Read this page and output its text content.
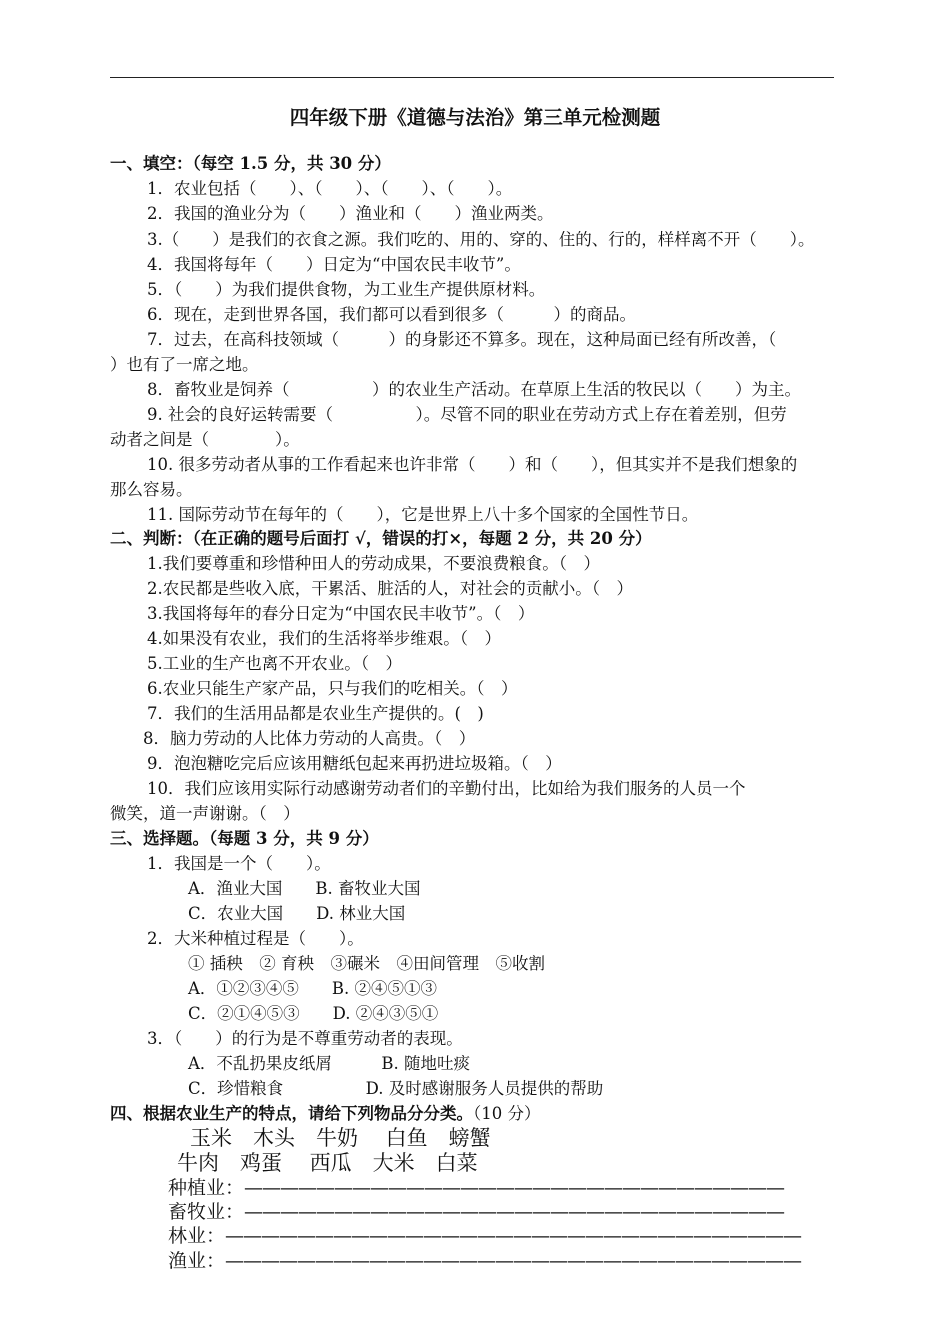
四年级下册《道德与法治》第三单元检测题
一、填空：（每空 1.5 分，共 30 分）
1．农业包括（　　）、（　　）、（　　）、（　　）。
2．我国的渔业分为（　　）渔业和（　　）渔业两类。
3.（　　）是我们的衣食之源。我们吃的、用的、穿的、住的、行的，样样离不开（　　）。
4．我国将每年（　　）日定为“中国农民丰收节”。
5．（　　）为我们提供食物，为工业生产提供原材料。
6．现在，走到世界各国，我们都可以看到很多（　　　）的商品。
7．过去，在高科技领域（　　　）的身影还不算多。现在，这种局面已经有所改善，（
）也有了一席之地。
8．畜牧业是饲养（　　　　　）的农业生产活动。在草原上生活的牧民以（　　）为主。
9. 社会的良好运转需要（　　　　　）。尽管不同的职业在劳动方式上存在着差别，但劳
动者之间是（　　　　）。
10. 很多劳动者从事的工作看起来也许非常（　　）和（　　），但其实并不是我们想象的
那么容易。
11. 国际劳动节在每年的（　　），它是世界上八十多个国家的全国性节日。
二、判断：（在正确的题号后面打 √，错误的打×，每题 2 分，共 20 分）
1.我们要尊重和珍惜种田人的劳动成果，不要浪费粮食。（　）
2.农民都是些收入底，干累活、脏活的人，对社会的贡献小。（　）
3.我国将每年的春分日定为“中国农民丰收节”。（　）
4.如果没有农业，我们的生活将举步维艰。（　）
5.工业的生产也离不开农业。（　）
6.农业只能生产家产品，只与我们的吃相关。（　）
7．我们的生活用品都是农业生产提供的。(　)
8．脑力劳动的人比体力劳动的人高贵。（　）
9．泡泡糖吃完后应该用糖纸包起来再扔进垃圾箱。（　）
10．我们应该用实际行动感谢劳动者们的辛勤付出，比如给为我们服务的人员一个
微笑，道一声谢谢。（　）
三、选择题。（每题 3 分，共 9 分）
1．我国是一个（　　）。
A．渔业大国　　B. 畜牧业大国
C．农业大国　　D. 林业大国
2．大米种植过程是（　　）。
① 插秧　② 育秧　③碾米　④田间管理　⑤收割
A．①②③④⑤　　B. ②④⑤①③
C．②①④⑤③　　D. ②④③⑤①
3．（　　）的行为是不尊重劳动者的表现。
A．不乱扔果皮纸屑　　　B. 随地吐痰
C．珍惜粮食　　　　　D. 及时感谢服务人员提供的帮助
四、根据农业生产的特点，请给下列物品分分类。（10 分）
玉米　木头　牛奶　 白鱼　螃蟹
牛肉　鸡蛋　 西瓜　大米　白菜
种植业：——————————————————————————————
畜牧业：——————————————————————————————
林业：————————————————————————————————
渔业：————————————————————————————————
